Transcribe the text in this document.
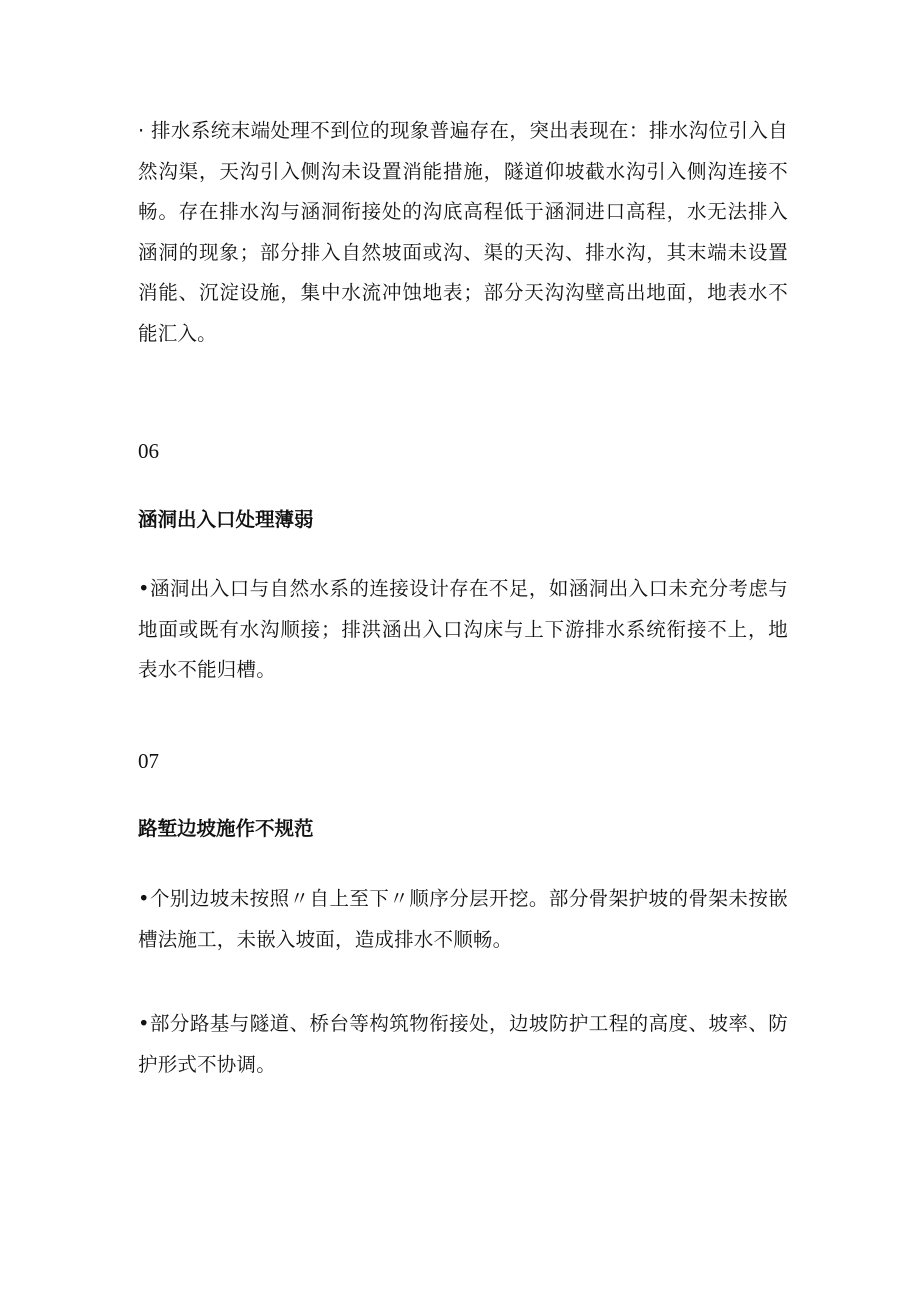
· 排水系统末端处理不到位的现象普遍存在，突出表现在：排水沟位引入自然沟渠，天沟引入侧沟未设置消能措施，隧道仰坡截水沟引入侧沟连接不畅。存在排水沟与涵洞衔接处的沟底高程低于涵洞进口高程，水无法排入涵洞的现象；部分排入自然坡面或沟、渠的天沟、排水沟，其末端未设置消能、沉淀设施，集中水流冲蚀地表；部分天沟沟壁高出地面，地表水不能汇入。

06

涵洞出入口处理薄弱

•涵洞出入口与自然水系的连接设计存在不足，如涵洞出入口未充分考虑与地面或既有水沟顺接；排洪涵出入口沟床与上下游排水系统衔接不上，地表水不能归槽。

07

路堑边坡施作不规范

•个别边坡未按照〃自上至下〃顺序分层开挖。部分骨架护坡的骨架未按嵌槽法施工，未嵌入坡面，造成排水不顺畅。

•部分路基与隧道、桥台等构筑物衔接处，边坡防护工程的高度、坡率、防护形式不协调。
